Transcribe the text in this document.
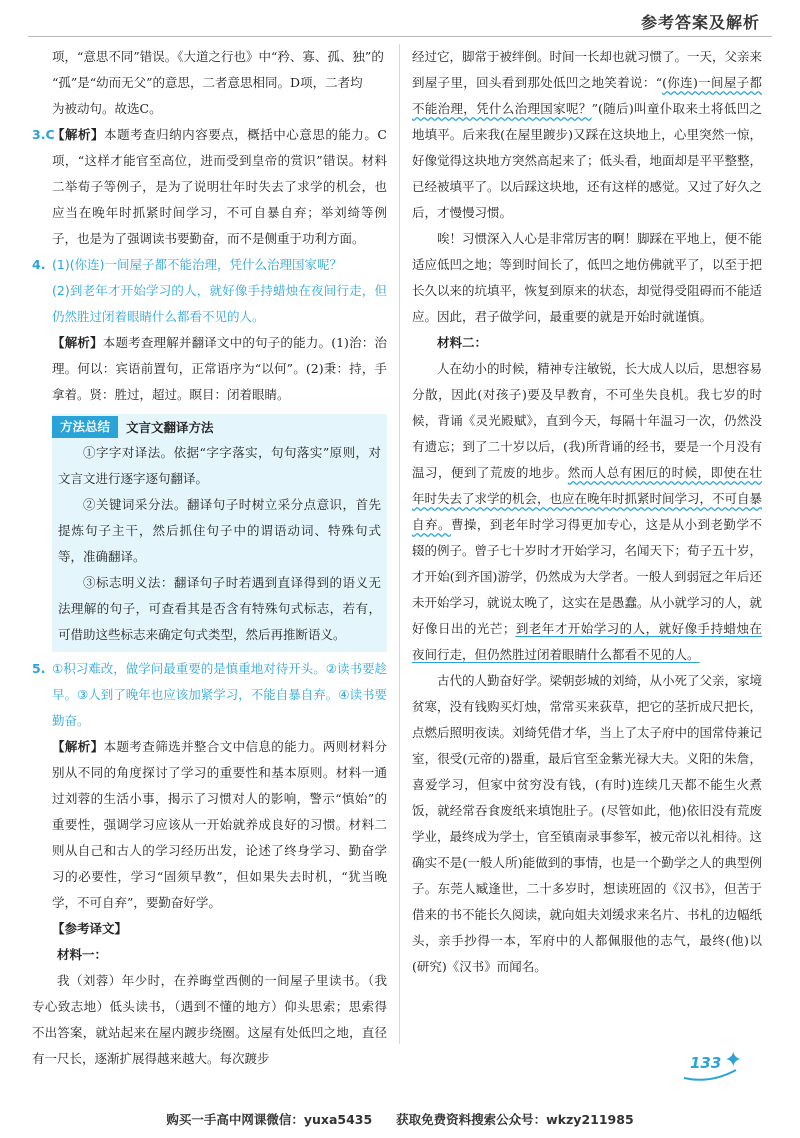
参考答案及解析

项，“意思不同”错误。《大道之行也》中“矜、寡、孤、独”的

“孤”是“幼而无父”的意思，二者意思相同。D项，二者均

为被动句。故选C。

3.C
【解析】本题考查归纳内容要点，概括中心意思的能力。C项，“这样才能官至高位，进而受到皇帝的赏识”错误。材料二举荀子等例子，是为了说明壮年时失去了求学的机会，也应当在晚年时抓紧时间学习，不可自暴自弃；举刘绮等例子，也是为了强调读书要勤奋，而不是侧重于功利方面。

4. (1)(你连)一间屋子都不能治理，凭什么治理国家呢？

(2)到老年才开始学习的人，就好像手持蜡烛在夜间行走，但仍然胜过闭着眼睛什么都看不见的人。

【解析】本题考查理解并翻译文中的句子的能力。(1)治：治理。何以：宾语前置句，正常语序为“以何”。(2)秉：持，手拿着。贤：胜过，超过。瞑目：闭着眼睛。

方法总结	文言文翻译方法

①字字对译法。依据“字字落实，句句落实”原则，对文言文进行逐字逐句翻译。

②关键词采分法。翻译句子时树立采分点意识，首先提炼句子主干，然后抓住句子中的谓语动词、特殊句式等，准确翻译。

③标志明义法：翻译句子时若遇到直译得到的语义无法理解的句子，可查看其是否含有特殊句式标志，若有，可借助这些标志来确定句式类型，然后再推断语义。

5. ①积习难改，做学问最重要的是慎重地对待开头。②读书要趁早。③人到了晚年也应该加紧学习，不能自暴自弃。④读书要勤奋。

【解析】本题考查筛选并整合文中信息的能力。两则材料分别从不同的角度探讨了学习的重要性和基本原则。材料一通过刘蓉的生活小事，揭示了习惯对人的影响，警示“慎始”的重要性，强调学习应该从一开始就养成良好的习惯。材料二则从自己和古人的学习经历出发，论述了终身学习、勤奋学习的必要性，学习“固须早教”，但如果失去时机，“犹当晚学，不可自弃”，要勤奋好学。

【参考译文】

材料一：

我（刘蓉）年少时，在养晦堂西侧的一间屋子里读书。（我专心致志地）低头读书，（遇到不懂的地方）仰头思索；思索得不出答案，就站起来在屋内踱步绕圈。这屋有处低凹之地，直径有一尺长，逐渐扩展得越来越大。每次踱步

经过它，脚常于被绊倒。时间一长却也就习惯了。一天，父亲来到屋子里，回头看到那处低凹之地笑着说：“(你连)一间屋子都不能治理，凭什么治理国家呢？”(随后)叫童仆取来土将低凹之地填平。后来我(在屋里踱步)又踩在这块地上，心里突然一惊，好像觉得这块地方突然高起来了；低头看，地面却是平平整整，已经被填平了。以后踩这块地，还有这样的感觉。又过了好久之后，才慢慢习惯。

唉！习惯深入人心是非常厉害的啊！脚踩在平地上，便不能适应低凹之地；等到时间长了，低凹之地仿佛就平了，以至于把长久以来的坑填平，恢复到原来的状态，却觉得受阻碍而不能适应。因此，君子做学问，最重要的就是开始时就谨慎。

材料二：

人在幼小的时候，精神专注敏锐，长大成人以后，思想容易分散，因此(对孩子)要及早教育，不可坐失良机。我七岁的时候，背诵《灵光殿赋》，直到今天，每隔十年温习一次，仍然没有遗忘；到了二十岁以后，(我)所背诵的经书，要是一个月没有温习，便到了荒废的地步。然而人总有困厄的时候，即使在壮年时失去了求学的机会，也应在晚年时抓紧时间学习，不可自暴自弃。曹操，到老年时学习得更加专心，这是从小到老勤学不辍的例子。曾子七十岁时才开始学习，名闻天下；荀子五十岁，才开始(到齐国)游学，仍然成为大学者。一般人到弱冠之年后还未开始学习，就说太晚了，这实在是愚蠢。从小就学习的人，就好像日出的光芒；到老年才开始学习的人，就好像手持蜡烛在夜间行走，但仍然胜过闭着眼睛什么都看不见的人。

古代的人勤奋好学。梁朝彭城的刘绮，从小死了父亲，家境贫寒，没有钱购买灯烛，常常买来荻草，把它的茎折成尺把长，点燃后照明夜读。刘绮凭借才华，当上了太子府中的国常侍兼记室，很受(元帝的)器重，最后官至金紫光禄大夫。义阳的朱詹，喜爱学习，但家中贫穷没有钱，(有时)连续几天都不能生火煮饭，就经常吞食废纸来填饱肚子。(尽管如此，他)依旧没有荒废学业，最终成为学士，官至镇南录事参军，被元帝以礼相待。这确实不是(一般人所)能做到的事情，也是一个勤学之人的典型例子。东莞人臧逢世，二十多岁时，想读班固的《汉书》，但苦于借来的书不能长久阅读，就向姐夫刘缓求来名片、书札的边幅纸头，亲手抄得一本，军府中的人都佩服他的志气，最终(他)以(研究)《汉书》而闻名。

133 ✦
购买一手高中网课微信：yuxa5435 获取免费资料搜索公众号：wkzy211985
